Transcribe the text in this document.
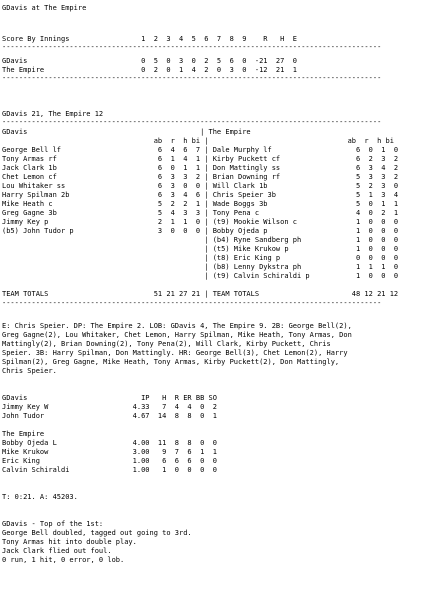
GDavis at The Empire
Score By Innings                 1  2  3  4  5  6  7  8  9    R   H  E
------------------------------------------------------------------------------------------
GDavis                           0  5  0  3  0  2  5  6  0  -21  27  0
The Empire                       0  2  0  1  4  2  0  3  0  -12  21  1
------------------------------------------------------------------------------------------
GDavis 21, The Empire 12
------------------------------------------------------------------------------------------
GDavis                                         | The Empire
ab  r  h bi |                                 ab  r  h bi
George Bell lf                       6  4  6  7 | Dale Murphy lf                    6  0  1  0
Tony Armas rf                        6  1  4  1 | Kirby Puckett cf                  6  2  3  2
Jack Clark 1b                        6  0  1  1 | Don Mattingly ss                  6  3  4  2
Chet Lemon cf                        6  3  3  2 | Brian Downing rf                  5  3  3  2
Lou Whitaker ss                      6  3  0  0 | Will Clark 1b                     5  2  3  0
Harry Spilman 2b                     6  3  4  6 | Chris Speier 3b                   5  1  3  4
Mike Heath c                         5  2  2  1 | Wade Boggs 3b                     5  0  1  1
Greg Gagne 3b                        5  4  3  3 | Tony Pena c                       4  0  2  1
Jimmy Key p                          2  1  1  0 | (t9) Mookie Wilson c              1  0  0  0
(b5) John Tudor p                    3  0  0  0 | Bobby Ojeda p                     1  0  0  0
| (b4) Ryne Sandberg ph             1  0  0  0
| (t5) Mike Krukow p                1  0  0  0
| (t8) Eric King p                  0  0  0  0
| (b8) Lenny Dykstra ph             1  1  1  0
| (t9) Calvin Schiraldi p           1  0  0  0
TEAM TOTALS                         51 21 27 21 | TEAM TOTALS                      48 12 21 12
------------------------------------------------------------------------------------------
E: Chris Speier. DP: The Empire 2. LOB: GDavis 4, The Empire 9. 2B: George Bell(2),
Greg Gagne(2), Lou Whitaker, Chet Lemon, Harry Spilman, Mike Heath, Tony Armas, Don
Mattingly(2), Brian Downing(2), Tony Pena(2), Will Clark, Kirby Puckett, Chris
Speier. 3B: Harry Spilman, Don Mattingly. HR: George Bell(3), Chet Lemon(2), Harry
Spilman(2), Greg Gagne, Mike Heath, Tony Armas, Kirby Puckett(2), Don Mattingly,
Chris Speier.
GDavis                           IP   H  R ER BB SO
Jimmy Key W                    4.33   7  4  4  0  2
John Tudor                     4.67  14  8  8  0  1
The Empire
Bobby Ojeda L                  4.00  11  8  8  0  0
Mike Krukow                    3.00   9  7  6  1  1
Eric King                      1.00   6  6  6  0  0
Calvin Schiraldi               1.00   1  0  0  0  0
T: 0:21. A: 45203.
GDavis - Top of the 1st:
George Bell doubled, tagged out going to 3rd.
Tony Armas hit into double play.
Jack Clark flied out foul.
0 run, 1 hit, 0 error, 0 lob.
